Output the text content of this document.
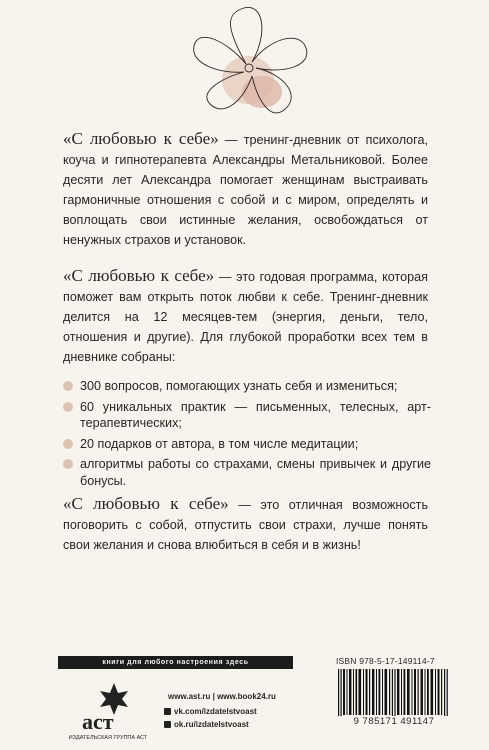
«С любовью к себе» — тренинг-дневник от психолога, коуча и гипнотерапевта Александры Метальниковой. Более десяти лет Александра помогает женщинам выстраивать гармоничные отношения с собой и с миром, определять и воплощать свои истинные желания, освобождаться от ненужных страхов и установок.

«С любовью к себе» — это годовая программа, которая поможет вам открыть поток любви к себе. Тренинг-дневник делится на 12 месяцев-тем (энергия, деньги, тело, отношения и другие). Для глубокой проработки всех тем в дневнике собраны:

300 вопросов, помогающих узнать себя и измениться;
60 уникальных практик — письменных, телесных, арт-терапевтических;
20 подарков от автора, в том числе медитации;
алгоритмы работы со страхами, смены привычек и другие бонусы.

«С любовью к себе» — это отличная возможность поговорить с собой, отпустить свои страхи, лучше понять свои желания и снова влюбиться в себя и в жизнь!

книги для любого настроения здесь
аст
ИЗДАТЕЛЬСКАЯ ГРУППА АСТ
www.ast.ru | www.book24.ru
vk.com/izdatelstvoast
ok.ru/izdatelstvoast
ISBN 978-5-17-149114-7
9 785171 491147
